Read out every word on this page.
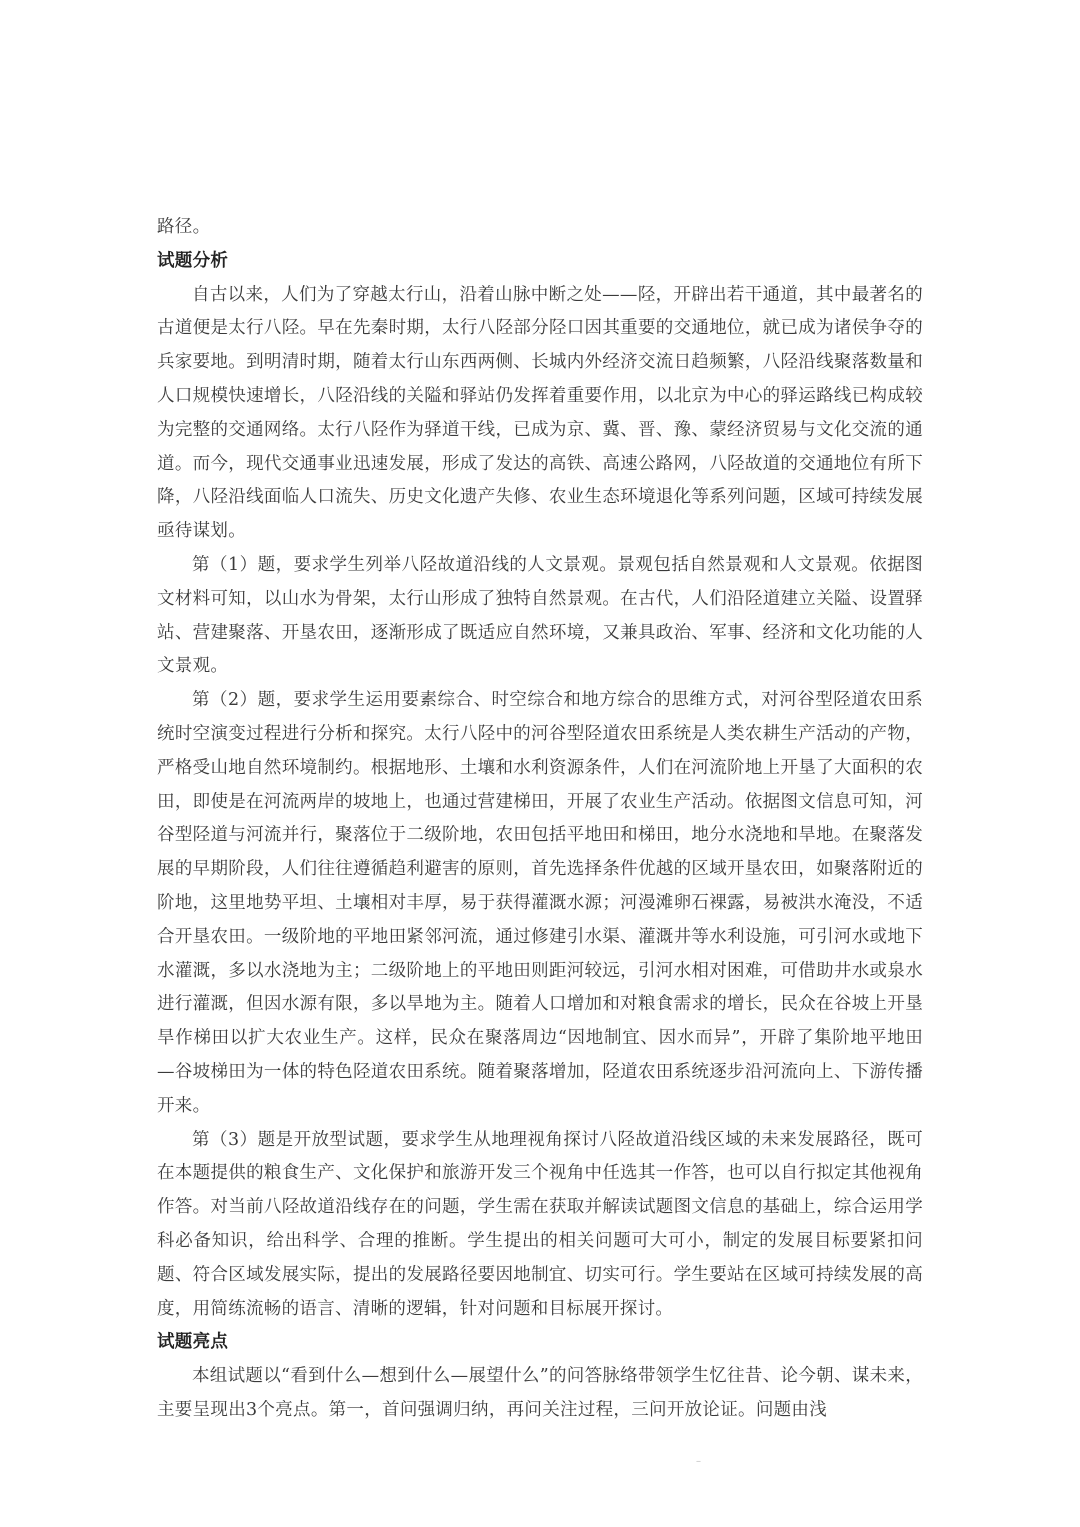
路径。

试题分析

自古以来，人们为了穿越太行山，沿着山脉中断之处——陉，开辟出若干通道，其中最著名的古道便是太行八陉。早在先秦时期，太行八陉部分陉口因其重要的交通地位，就已成为诸侯争夺的兵家要地。到明清时期，随着太行山东西两侧、长城内外经济交流日趋频繁，八陉沿线聚落数量和人口规模快速增长，八陉沿线的关隘和驿站仍发挥着重要作用，以北京为中心的驿运路线已构成较为完整的交通网络。太行八陉作为驿道干线，已成为京、冀、晋、豫、蒙经济贸易与文化交流的通道。而今，现代交通事业迅速发展，形成了发达的高铁、高速公路网，八陉故道的交通地位有所下降，八陉沿线面临人口流失、历史文化遗产失修、农业生态环境退化等系列问题，区域可持续发展亟待谋划。

第（1）题，要求学生列举八陉故道沿线的人文景观。景观包括自然景观和人文景观。依据图文材料可知，以山水为骨架，太行山形成了独特自然景观。在古代，人们沿陉道建立关隘、设置驿站、营建聚落、开垦农田，逐渐形成了既适应自然环境，又兼具政治、军事、经济和文化功能的人文景观。

第（2）题，要求学生运用要素综合、时空综合和地方综合的思维方式，对河谷型陉道农田系统时空演变过程进行分析和探究。太行八陉中的河谷型陉道农田系统是人类农耕生产活动的产物，严格受山地自然环境制约。根据地形、土壤和水利资源条件，人们在河流阶地上开垦了大面积的农田，即使是在河流两岸的坡地上，也通过营建梯田，开展了农业生产活动。依据图文信息可知，河谷型陉道与河流并行，聚落位于二级阶地，农田包括平地田和梯田，地分水浇地和旱地。在聚落发展的早期阶段，人们往往遵循趋利避害的原则，首先选择条件优越的区域开垦农田，如聚落附近的阶地，这里地势平坦、土壤相对丰厚，易于获得灌溉水源；河漫滩卵石裸露，易被洪水淹没，不适合开垦农田。一级阶地的平地田紧邻河流，通过修建引水渠、灌溉井等水利设施，可引河水或地下水灌溉，多以水浇地为主；二级阶地上的平地田则距河较远，引河水相对困难，可借助井水或泉水进行灌溉，但因水源有限，多以旱地为主。随着人口增加和对粮食需求的增长，民众在谷坡上开垦旱作梯田以扩大农业生产。这样，民众在聚落周边“因地制宜、因水而异”，开辟了集阶地平地田—谷坡梯田为一体的特色陉道农田系统。随着聚落增加，陉道农田系统逐步沿河流向上、下游传播开来。

第（3）题是开放型试题，要求学生从地理视角探讨八陉故道沿线区域的未来发展路径，既可在本题提供的粮食生产、文化保护和旅游开发三个视角中任选其一作答，也可以自行拟定其他视角作答。对当前八陉故道沿线存在的问题，学生需在获取并解读试题图文信息的基础上，综合运用学科必备知识，给出科学、合理的推断。学生提出的相关问题可大可小，制定的发展目标要紧扣问题、符合区域发展实际，提出的发展路径要因地制宜、切实可行。学生要站在区域可持续发展的高度，用简练流畅的语言、清晰的逻辑，针对问题和目标展开探讨。

试题亮点

本组试题以“看到什么—想到什么—展望什么”的问答脉络带领学生忆往昔、论今朝、谋未来，主要呈现出3个亮点。第一，首问强调归纳，再问关注过程，三问开放论证。问题由浅

–
